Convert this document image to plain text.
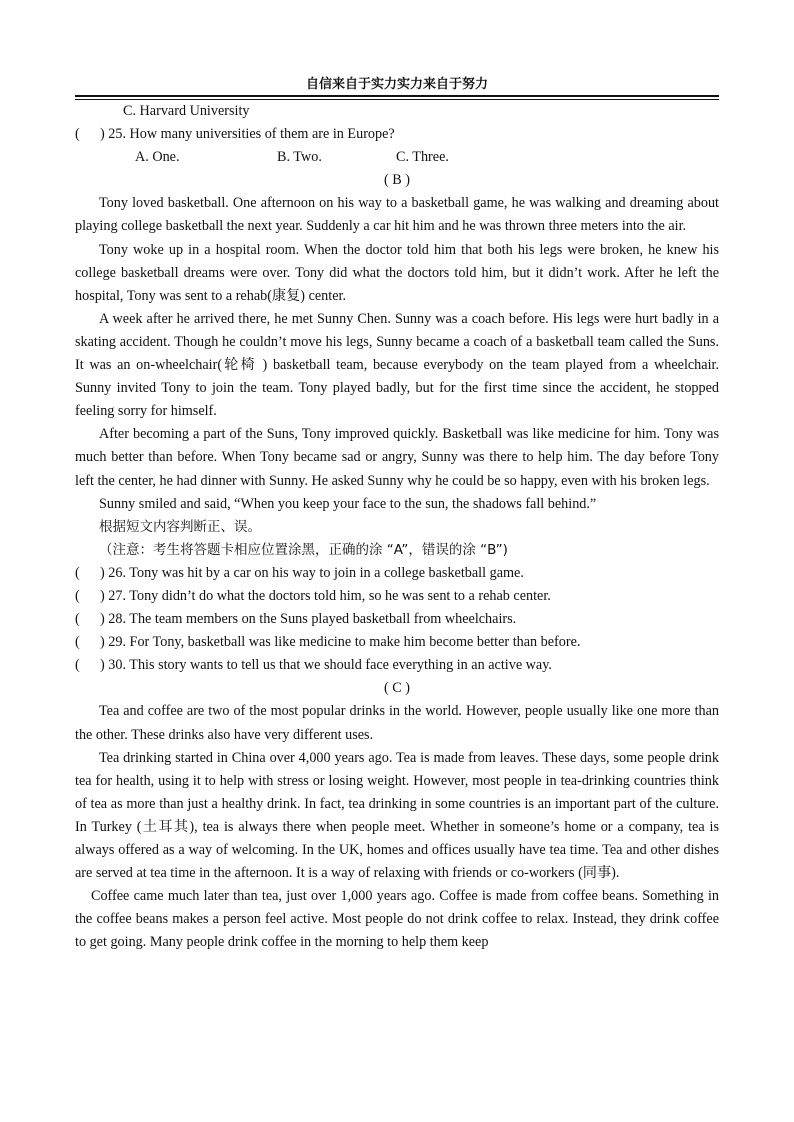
自信来自于实力实力来自于努力
C. Harvard University
(	) 25. How many universities of them are in Europe?
A. One.	B. Two.	C. Three.
( B )
Tony loved basketball. One afternoon on his way to a basketball game, he was walking and dreaming about playing college basketball the next year. Suddenly a car hit him and he was thrown three meters into the air.
Tony woke up in a hospital room. When the doctor told him that both his legs were broken, he knew his college basketball dreams were over. Tony did what the doctors told him, but it didn’t work. After he left the hospital, Tony was sent to a rehab(康复) center.
A week after he arrived there, he met Sunny Chen. Sunny was a coach before. His legs were hurt badly in a skating accident. Though he couldn’t move his legs, Sunny became a coach of a basketball team called the Suns. It was an on-wheelchair(轮椅 ) basketball team, because everybody on the team played from a wheelchair. Sunny invited Tony to join the team. Tony played badly, but for the first time since the accident, he stopped feeling sorry for himself.
After becoming a part of the Suns, Tony improved quickly. Basketball was like medicine for him. Tony was much better than before. When Tony became sad or angry, Sunny was there to help him. The day before Tony left the center, he had dinner with Sunny. He asked Sunny why he could be so happy, even with his broken legs.
Sunny smiled and said, “When you keep your face to the sun, the shadows fall behind.”
根据短文内容判断正、误。
（注意：考生将答题卡相应位置涂黑，正确的涂 “A”，错误的涂 “B”)
(	) 26. Tony was hit by a car on his way to join in a college basketball game.
(	) 27. Tony didn’t do what the doctors told him, so he was sent to a rehab center.
(	) 28. The team members on the Suns played basketball from wheelchairs.
(	) 29. For Tony, basketball was like medicine to make him become better than before.
(	) 30. This story wants to tell us that we should face everything in an active way.
( C )
Tea and coffee are two of the most popular drinks in the world. However, people usually like one more than the other. These drinks also have very different uses.
Tea drinking started in China over 4,000 years ago. Tea is made from leaves. These days, some people drink tea for health, using it to help with stress or losing weight. However, most people in tea-drinking countries think of tea as more than just a healthy drink. In fact, tea drinking in some countries is an important part of the culture. In Turkey (土耳其), tea is always there when people meet. Whether in someone’s home or a company, tea is always offered as a way of welcoming. In the UK, homes and offices usually have tea time. Tea and other dishes are served at tea time in the afternoon. It is a way of relaxing with friends or co-workers (同事).
Coffee came much later than tea, just over 1,000 years ago. Coffee is made from coffee beans. Something in the coffee beans makes a person feel active. Most people do not drink coffee to relax. Instead, they drink coffee to get going. Many people drink coffee in the morning to help them keep
